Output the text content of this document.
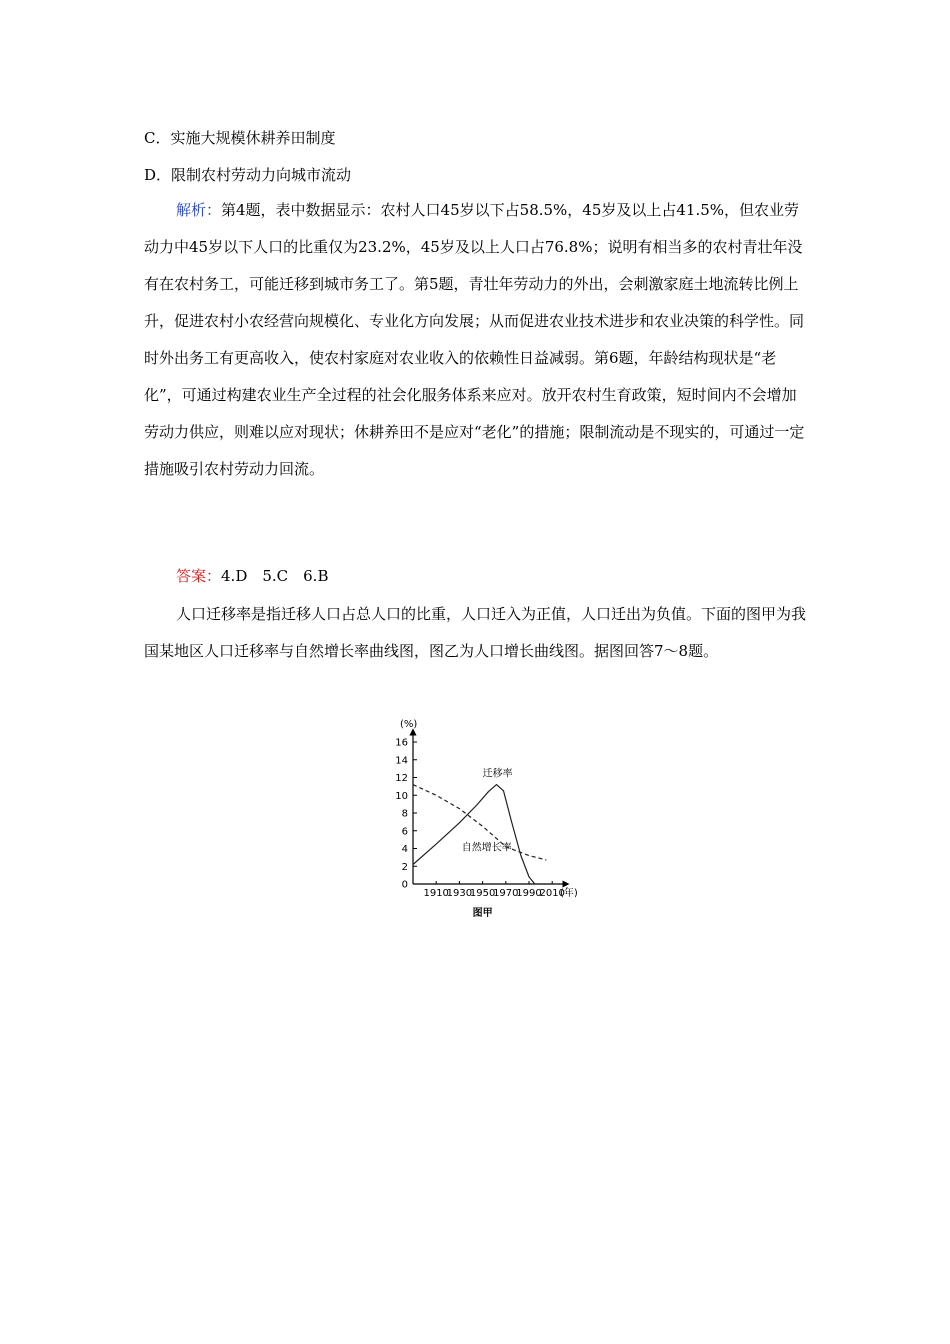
C．实施大规模休耕养田制度
D．限制农村劳动力向城市流动
解析：第4题，表中数据显示：农村人口45岁以下占58.5%，45岁及以上占41.5%，但农业劳动力中45岁以下人口的比重仅为23.2%，45岁及以上人口占76.8%；说明有相当多的农村青壮年没有在农村务工，可能迁移到城市务工了。第5题，青壮年劳动力的外出，会刺激家庭土地流转比例上升，促进农村小农经营向规模化、专业化方向发展；从而促进农业技术进步和农业决策的科学性。同时外出务工有更高收入，使农村家庭对农业收入的依赖性日益减弱。第6题，年龄结构现状是“老化”，可通过构建农业生产全过程的社会化服务体系来应对。放开农村生育政策，短时间内不会增加劳动力供应，则难以应对现状；休耕养田不是应对“老化”的措施；限制流动是不现实的，可通过一定措施吸引农村劳动力回流。
答案：4.D　5.C　6.B
人口迁移率是指迁移人口占总人口的比重，人口迁入为正值，人口迁出为负值。下面的图甲为我国某地区人口迁移率与自然增长率曲线图，图乙为人口增长曲线图。据图回答7～8题。
0
2
4
6
8
10
12
14
16
1910
1930
1950
1970
1990
2010
(%)
(年)
迁移率
自然增长率
图甲
